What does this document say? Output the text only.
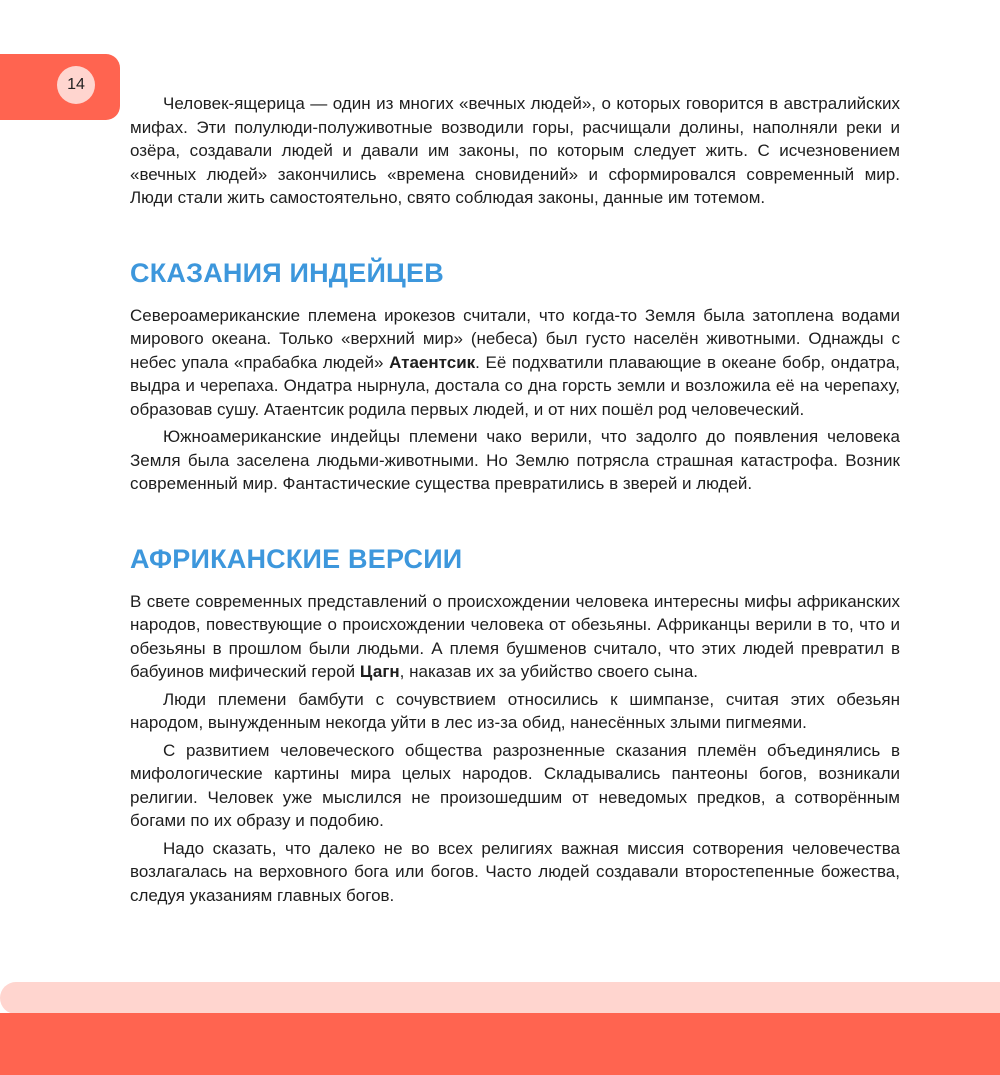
14

Человек-ящерица — один из многих «вечных людей», о которых говорится в австралийских мифах. Эти полулюди-полуживотные возводили горы, расчищали долины, наполняли реки и озёра, создавали людей и давали им законы, по которым следует жить. С исчезновением «вечных людей» закончились «времена сновидений» и сформировался современный мир. Люди стали жить самостоятельно, свято соблюдая законы, данные им тотемом.

СКАЗАНИЯ ИНДЕЙЦЕВ

Североамериканские племена ирокезов считали, что когда-то Земля была затоплена водами мирового океана. Только «верхний мир» (небеса) был густо населён животными. Однажды с небес упала «прабабка людей» Атаентсик. Её подхватили плавающие в океане бобр, ондатра, выдра и черепаха. Ондатра нырнула, достала со дна горсть земли и возложила её на черепаху, образовав сушу. Атаентсик родила первых людей, и от них пошёл род человеческий.

Южноамериканские индейцы племени чако верили, что задолго до появления человека Земля была заселена людьми-животными. Но Землю потрясла страшная катастрофа. Возник современный мир. Фантастические существа превратились в зверей и людей.

АФРИКАНСКИЕ ВЕРСИИ

В свете современных представлений о происхождении человека интересны мифы африканских народов, повествующие о происхождении человека от обезьяны. Африканцы верили в то, что и обезьяны в прошлом были людьми. А племя бушменов считало, что этих людей превратил в бабуинов мифический герой Цагн, наказав их за убийство своего сына.

Люди племени бамбути с сочувствием относились к шимпанзе, считая этих обезьян народом, вынужденным некогда уйти в лес из-за обид, нанесённых злыми пигмеями.

С развитием человеческого общества разрозненные сказания племён объединялись в мифологические картины мира целых народов. Складывались пантеоны богов, возникали религии. Человек уже мыслился не произошедшим от неведомых предков, а сотворённым богами по их образу и подобию.

Надо сказать, что далеко не во всех религиях важная миссия сотворения человечества возлагалась на верховного бога или богов. Часто людей создавали второстепенные божества, следуя указаниям главных богов.
